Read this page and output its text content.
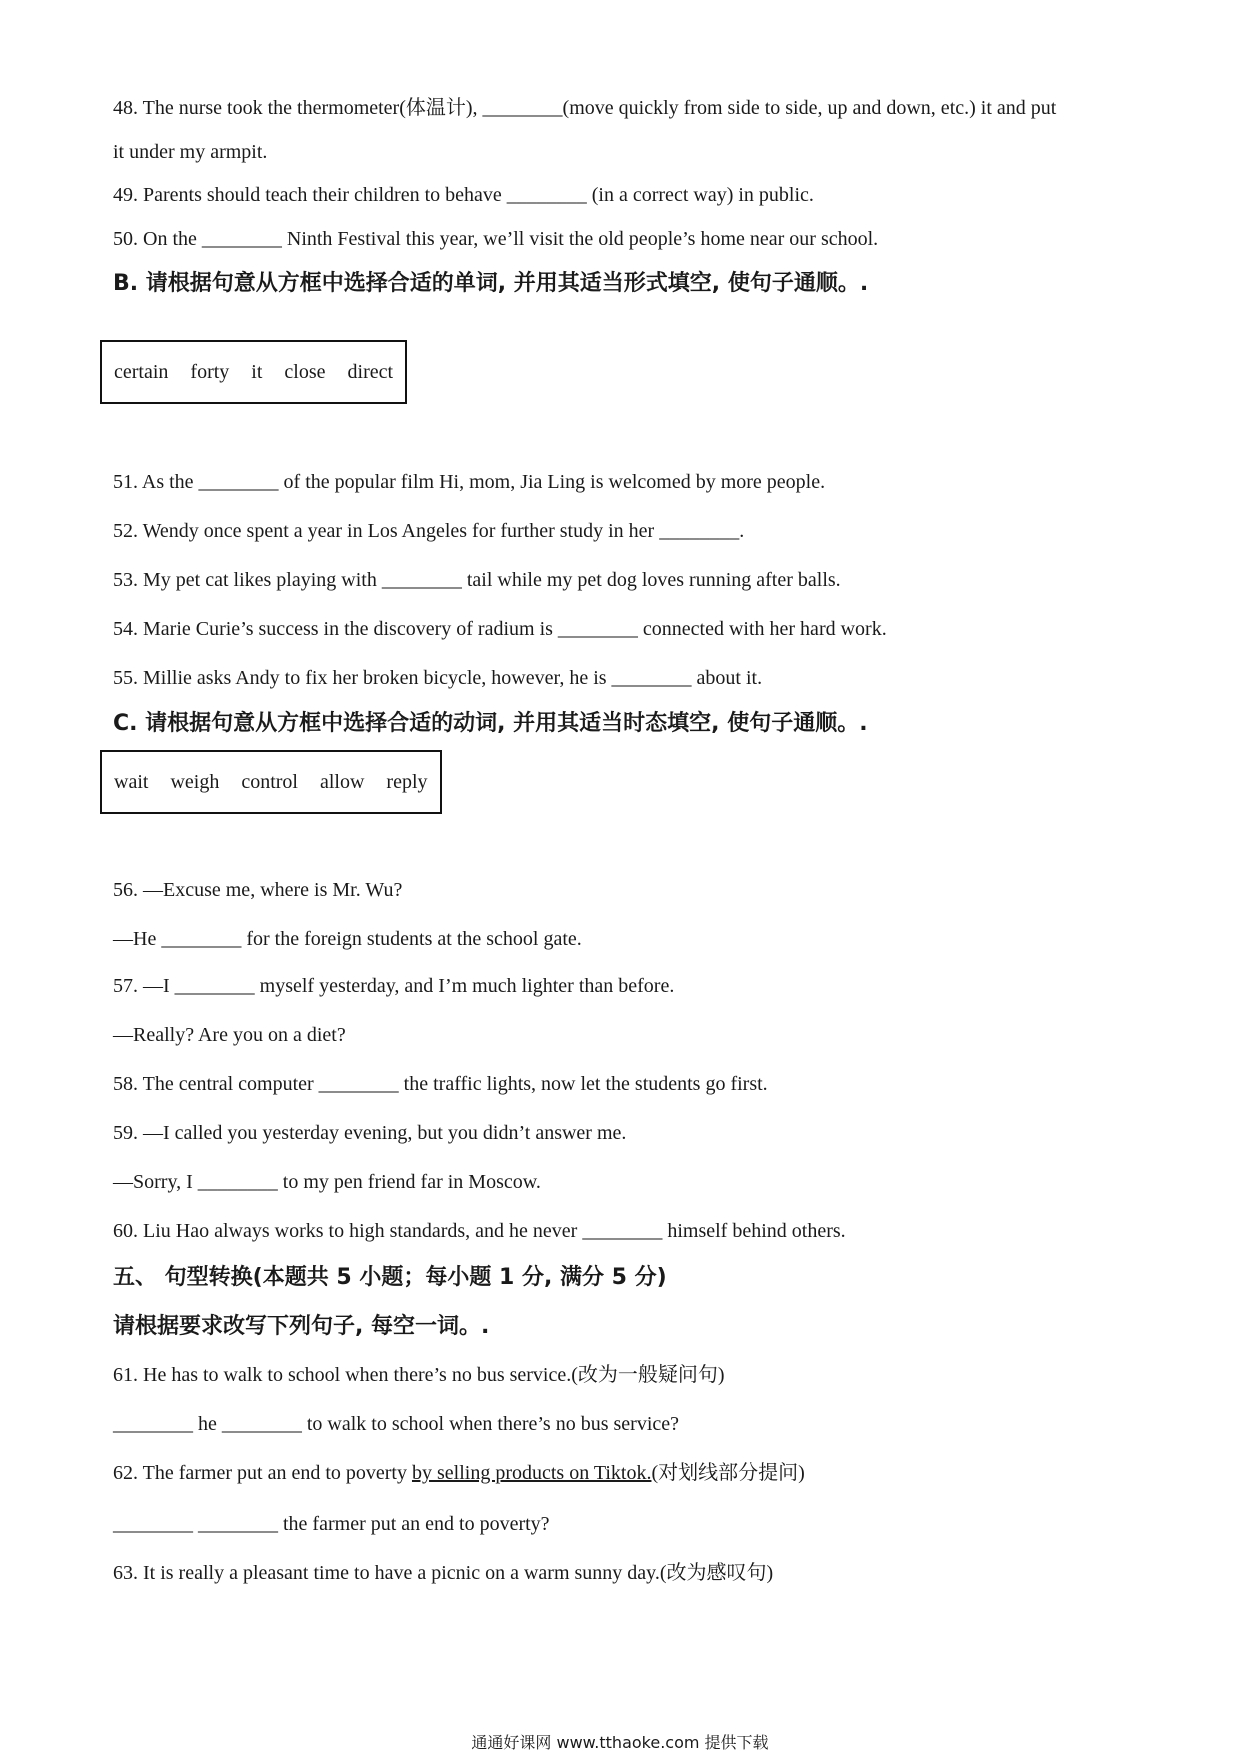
48. The nurse took the thermometer(体温计), ________(move quickly from side to side, up and down, etc.) it and put
it under my armpit.
49. Parents should teach their children to behave ________ (in a correct way) in public.
50. On the ________ Ninth Festival this year, we’ll visit the old people’s home near our school.
B. 请根据句意从方框中选择合适的单词, 并用其适当形式填空, 使句子通顺。.
certain forty it close direct
51. As the ________ of the popular film Hi, mom, Jia Ling is welcomed by more people.
52. Wendy once spent a year in Los Angeles for further study in her ________.
53. My pet cat likes playing with ________ tail while my pet dog loves running after balls.
54. Marie Curie’s success in the discovery of radium is ________ connected with her hard work.
55. Millie asks Andy to fix her broken bicycle, however, he is ________ about it.
C. 请根据句意从方框中选择合适的动词, 并用其适当时态填空, 使句子通顺。.
wait weigh control allow reply
56. —Excuse me, where is Mr. Wu?
—He ________ for the foreign students at the school gate.
57. —I ________ myself yesterday, and I’m much lighter than before.
—Really? Are you on a diet?
58. The central computer ________ the traffic lights, now let the students go first.
59. —I called you yesterday evening, but you didn’t answer me.
—Sorry, I ________ to my pen friend far in Moscow.
60. Liu Hao always works to high standards, and he never ________ himself behind others.
五、 句型转换(本题共 5 小题；每小题 1 分, 满分 5 分)
请根据要求改写下列句子, 每空一词。.
61. He has to walk to school when there’s no bus service.(改为一般疑问句)
________ he ________ to walk to school when there’s no bus service?
62. The farmer put an end to poverty by selling products on Tiktok.(对划线部分提问)
________ ________ the farmer put an end to poverty?
63. It is really a pleasant time to have a picnic on a warm sunny day.(改为感叹句)
通通好课网 www.tthaoke.com 提供下载
